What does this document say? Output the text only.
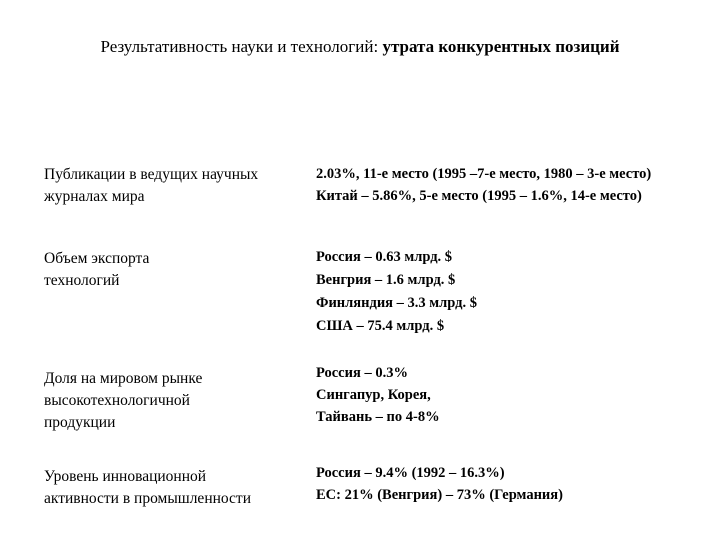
Результативность науки и технологий: утрата конкурентных позиций
Публикации в ведущих научных
журналах мира
2.03%, 11-е место (1995 –7-е место, 1980 – 3-е место)
Китай – 5.86%, 5-е место (1995 – 1.6%, 14-е место)
Объем экспорта
технологий
Россия – 0.63 млрд. $
Венгрия – 1.6 млрд. $
Финляндия – 3.3 млрд. $
США – 75.4 млрд. $
Доля на мировом рынке
высокотехнологичной
продукции
Россия – 0.3%
Сингапур, Корея,
Тайвань – по 4-8%
Уровень инновационной
активности в промышленности
Россия – 9.4% (1992 – 16.3%)
ЕС: 21% (Венгрия) – 73% (Германия)
